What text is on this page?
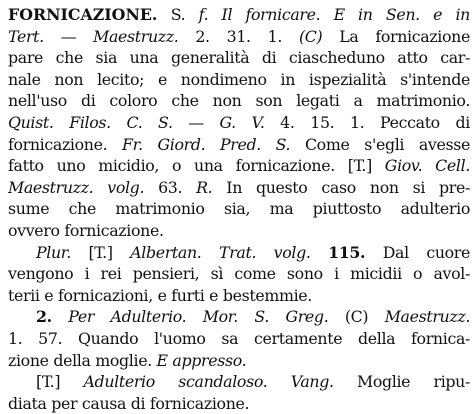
FORNICAZIONE. S. f. Il fornicare. E in Sen. e in
Tert. — Maestruzz. 2. 31. 1. (C) La fornicazione
pare che sia una generalità di ciascheduno atto car-
nale non lecito; e nondimeno in ispezialità s'intende
nell'uso di coloro che non son legati a matrimonio.
Quist. Filos. C. S. — G. V. 4. 15. 1. Peccato di
fornicazione. Fr. Giord. Pred. S. Come s'egli avesse
fatto uno micidio, o una fornicazione. [T.] Giov. Cell.
Maestruzz. volg. 63. R. In questo caso non si pre-
sume che matrimonio sia, ma piuttosto adulterio
ovvero fornicazione.
Plur. [T.] Albertan. Trat. volg. 115. Dal cuore
vengono i rei pensieri, sì come sono i micidii o avol-
terii e fornicazioni, e furti e bestemmie.
2. Per Adulterio. Mor. S. Greg. (C) Maestruzz.
1. 57. Quando l'uomo sa certamente della fornica-
zione della moglie. E appresso.
[T.] Adulterio scandaloso. Vang. Moglie ripu-
diata per causa di fornicazione.
